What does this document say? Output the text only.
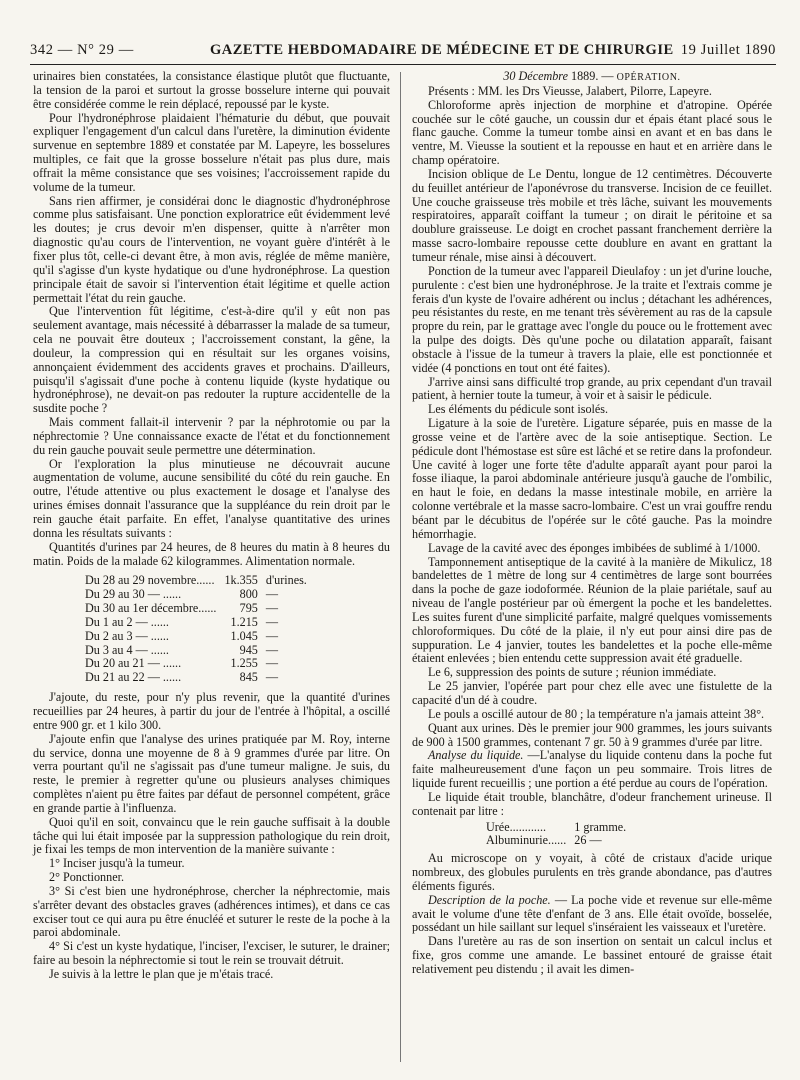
342 — N° 29 —	GAZETTE HEBDOMADAIRE DE MÉDECINE ET DE CHIRURGIE 19 Juillet 1890

urinaires bien constatées, la consistance élastique plutôt que fluctuante, la tension de la paroi et surtout la grosse bosselure interne qui pouvait être considérée comme le rein déplacé, repoussé par le kyste.

Pour l'hydronéphrose plaidaient l'hématurie du début, que pouvait expliquer l'engagement d'un calcul dans l'uretère, la diminution évidente survenue en septembre 1889 et constatée par M. Lapeyre, les bosselures multiples, ce fait que la grosse bosselure n'était pas plus dure, mais offrait la même consistance que ses voisines; l'accroissement rapide du volume de la tumeur.

Sans rien affirmer, je considérai donc le diagnostic d'hydronéphrose comme plus satisfaisant. Une ponction exploratrice eût évidemment levé les doutes; je crus devoir m'en dispenser, quitte à n'arrêter mon diagnostic qu'au cours de l'intervention, ne voyant guère d'intérêt à le fixer plus tôt, celle-ci devant être, à mon avis, réglée de même manière, qu'il s'agisse d'un kyste hydatique ou d'une hydronéphrose. La question principale était de savoir si l'intervention était légitime et quelle action permettait l'état du rein gauche.

Que l'intervention fût légitime, c'est-à-dire qu'il y eût non pas seulement avantage, mais nécessité à débarrasser la malade de sa tumeur, cela ne pouvait être douteux ; l'accroissement constant, la gêne, la douleur, la compression qui en résultait sur les organes voisins, annonçaient évidemment des accidents graves et prochains. D'ailleurs, puisqu'il s'agissait d'une poche à contenu liquide (kyste hydatique ou hydronéphrose), ne devait-on pas redouter la rupture accidentelle de la susdite poche ?

Mais comment fallait-il intervenir ? par la néphrotomie ou par la néphrectomie ? Une connaissance exacte de l'état et du fonctionnement du rein gauche pouvait seule permettre une détermination.

Or l'exploration la plus minutieuse ne découvrait aucune augmentation de volume, aucune sensibilité du côté du rein gauche. En outre, l'étude attentive ou plus exactement le dosage et l'analyse des urines émises donnait l'assurance que la suppléance du rein droit par le rein gauche était parfaite. En effet, l'analyse quantitative des urines donna les résultats suivants :

Quantités d'urines par 24 heures, de 8 heures du matin à 8 heures du matin. Poids de la malade 62 kilogrammes. Alimentation normale.

Du 28 au 29 novembre......	1k.355	d'urines.
Du 29 au 30 — ......	800	—
Du 30 au 1er décembre......	795	—
Du 1 au 2 — ......	1.215	—
Du 2 au 3 — ......	1.045	—
Du 3 au 4 — ......	945	—
Du 20 au 21 — ......	1.255	—
Du 21 au 22 — ......	845	—

J'ajoute, du reste, pour n'y plus revenir, que la quantité d'urines recueillies par 24 heures, à partir du jour de l'entrée à l'hôpital, a oscillé entre 900 gr. et 1 kilo 300.

J'ajoute enfin que l'analyse des urines pratiquée par M. Roy, interne du service, donna une moyenne de 8 à 9 grammes d'urée par litre. On verra pourtant qu'il ne s'agissait pas d'une tumeur maligne. Je suis, du reste, le premier à regretter qu'une ou plusieurs analyses chimiques complètes n'aient pu être faites par défaut de personnel compétent, grâce en grande partie à l'influenza.

Quoi qu'il en soit, convaincu que le rein gauche suffisait à la double tâche qui lui était imposée par la suppression pathologique du rein droit, je fixai les temps de mon intervention de la manière suivante :

1° Inciser jusqu'à la tumeur.

2° Ponctionner.

3° Si c'est bien une hydronéphrose, chercher la néphrectomie, mais s'arrêter devant des obstacles graves (adhérences intimes), et dans ce cas exciser tout ce qui aura pu être énucléé et suturer le reste de la poche à la paroi abdominale.

4° Si c'est un kyste hydatique, l'inciser, l'exciser, le suturer, le drainer; faire au besoin la néphrectomie si tout le rein se trouvait détruit.

Je suivis à la lettre le plan que je m'étais tracé.

30 Décembre 1889. — OPÉRATION.

Présents : MM. les Drs Vieusse, Jalabert, Pilorre, Lapeyre.

Chloroforme après injection de morphine et d'atropine. Opérée couchée sur le côté gauche, un coussin dur et épais étant placé sous le flanc gauche. Comme la tumeur tombe ainsi en avant et en bas dans le ventre, M. Vieusse la soutient et la repousse en haut et en arrière dans le champ opératoire.

Incision oblique de Le Dentu, longue de 12 centimètres. Découverte du feuillet antérieur de l'aponévrose du transverse. Incision de ce feuillet. Une couche graisseuse très mobile et très lâche, suivant les mouvements respiratoires, apparaît coiffant la tumeur ; on dirait le péritoine et sa doublure graisseuse. Le doigt en crochet passant franchement derrière la masse sacro-lombaire repousse cette doublure en avant en grattant la tumeur rénale, mise ainsi à découvert.

Ponction de la tumeur avec l'appareil Dieulafoy : un jet d'urine louche, purulente : c'est bien une hydronéphrose. Je la traite et l'extrais comme je ferais d'un kyste de l'ovaire adhérent ou inclus ; détachant les adhérences, peu résistantes du reste, en me tenant très sévèrement au ras de la capsule propre du rein, par le grattage avec l'ongle du pouce ou le frottement avec la pulpe des doigts. Dès qu'une poche ou dilatation apparaît, faisant obstacle à l'issue de la tumeur à travers la plaie, elle est ponctionnée et vidée (4 ponctions en tout ont été faites).

J'arrive ainsi sans difficulté trop grande, au prix cependant d'un travail patient, à hernier toute la tumeur, à voir et à saisir le pédicule.

Les éléments du pédicule sont isolés.

Ligature à la soie de l'uretère. Ligature séparée, puis en masse de la grosse veine et de l'artère avec de la soie antiseptique. Section. Le pédicule dont l'hémostase est sûre est lâché et se retire dans la profondeur. Une cavité à loger une forte tête d'adulte apparaît ayant pour paroi la fosse iliaque, la paroi abdominale antérieure jusqu'à gauche de l'ombilic, en haut le foie, en dedans la masse intestinale mobile, en arrière la colonne vertébrale et la masse sacro-lombaire. C'est un vrai gouffre rendu béant par le décubitus de l'opérée sur le côté gauche. Pas la moindre hémorrhagie.

Lavage de la cavité avec des éponges imbibées de sublimé à 1/1000.

Tamponnement antiseptique de la cavité à la manière de Mikulicz, 18 bandelettes de 1 mètre de long sur 4 centimètres de large sont bourrées dans la poche de gaze iodoformée. Réunion de la plaie pariétale, sauf au niveau de l'angle postérieur par où émergent la poche et les bandelettes. Les suites furent d'une simplicité parfaite, malgré quelques vomissements chloroformiques. Du côté de la plaie, il n'y eut pour ainsi dire pas de suppuration. Le 4 janvier, toutes les bandelettes et la poche elle-même étaient enlevées ; bien entendu cette suppression avait été graduelle.

Le 6, suppression des points de suture ; réunion immédiate.

Le 25 janvier, l'opérée part pour chez elle avec une fistulette de la capacité d'un dé à coudre.

Le pouls a oscillé autour de 80 ; la température n'a jamais atteint 38°.

Quant aux urines. Dès le premier jour 900 grammes, les jours suivants de 900 à 1500 grammes, contenant 7 gr. 50 à 9 grammes d'urée par litre.

Analyse du liquide. —L'analyse du liquide contenu dans la poche fut faite malheureusement d'une façon un peu sommaire. Trois litres de liquide furent recueillis ; une portion a été perdue au cours de l'opération.

Le liquide était trouble, blanchâtre, d'odeur franchement urineuse. Il contenait par litre :

Urée............	1 gramme.
Albuminurie......	26 —

Au microscope on y voyait, à côté de cristaux d'acide urique nombreux, des globules purulents en très grande abondance, pas d'autres éléments figurés.

Description de la poche. — La poche vide et revenue sur elle-même avait le volume d'une tête d'enfant de 3 ans. Elle était ovoïde, bosselée, possédant un hile saillant sur lequel s'inséraient les vaisseaux et l'uretère.

Dans l'uretère au ras de son insertion on sentait un calcul inclus et fixe, gros comme une amande. Le bassinet entouré de graisse était relativement peu distendu ; il avait les dimen-
